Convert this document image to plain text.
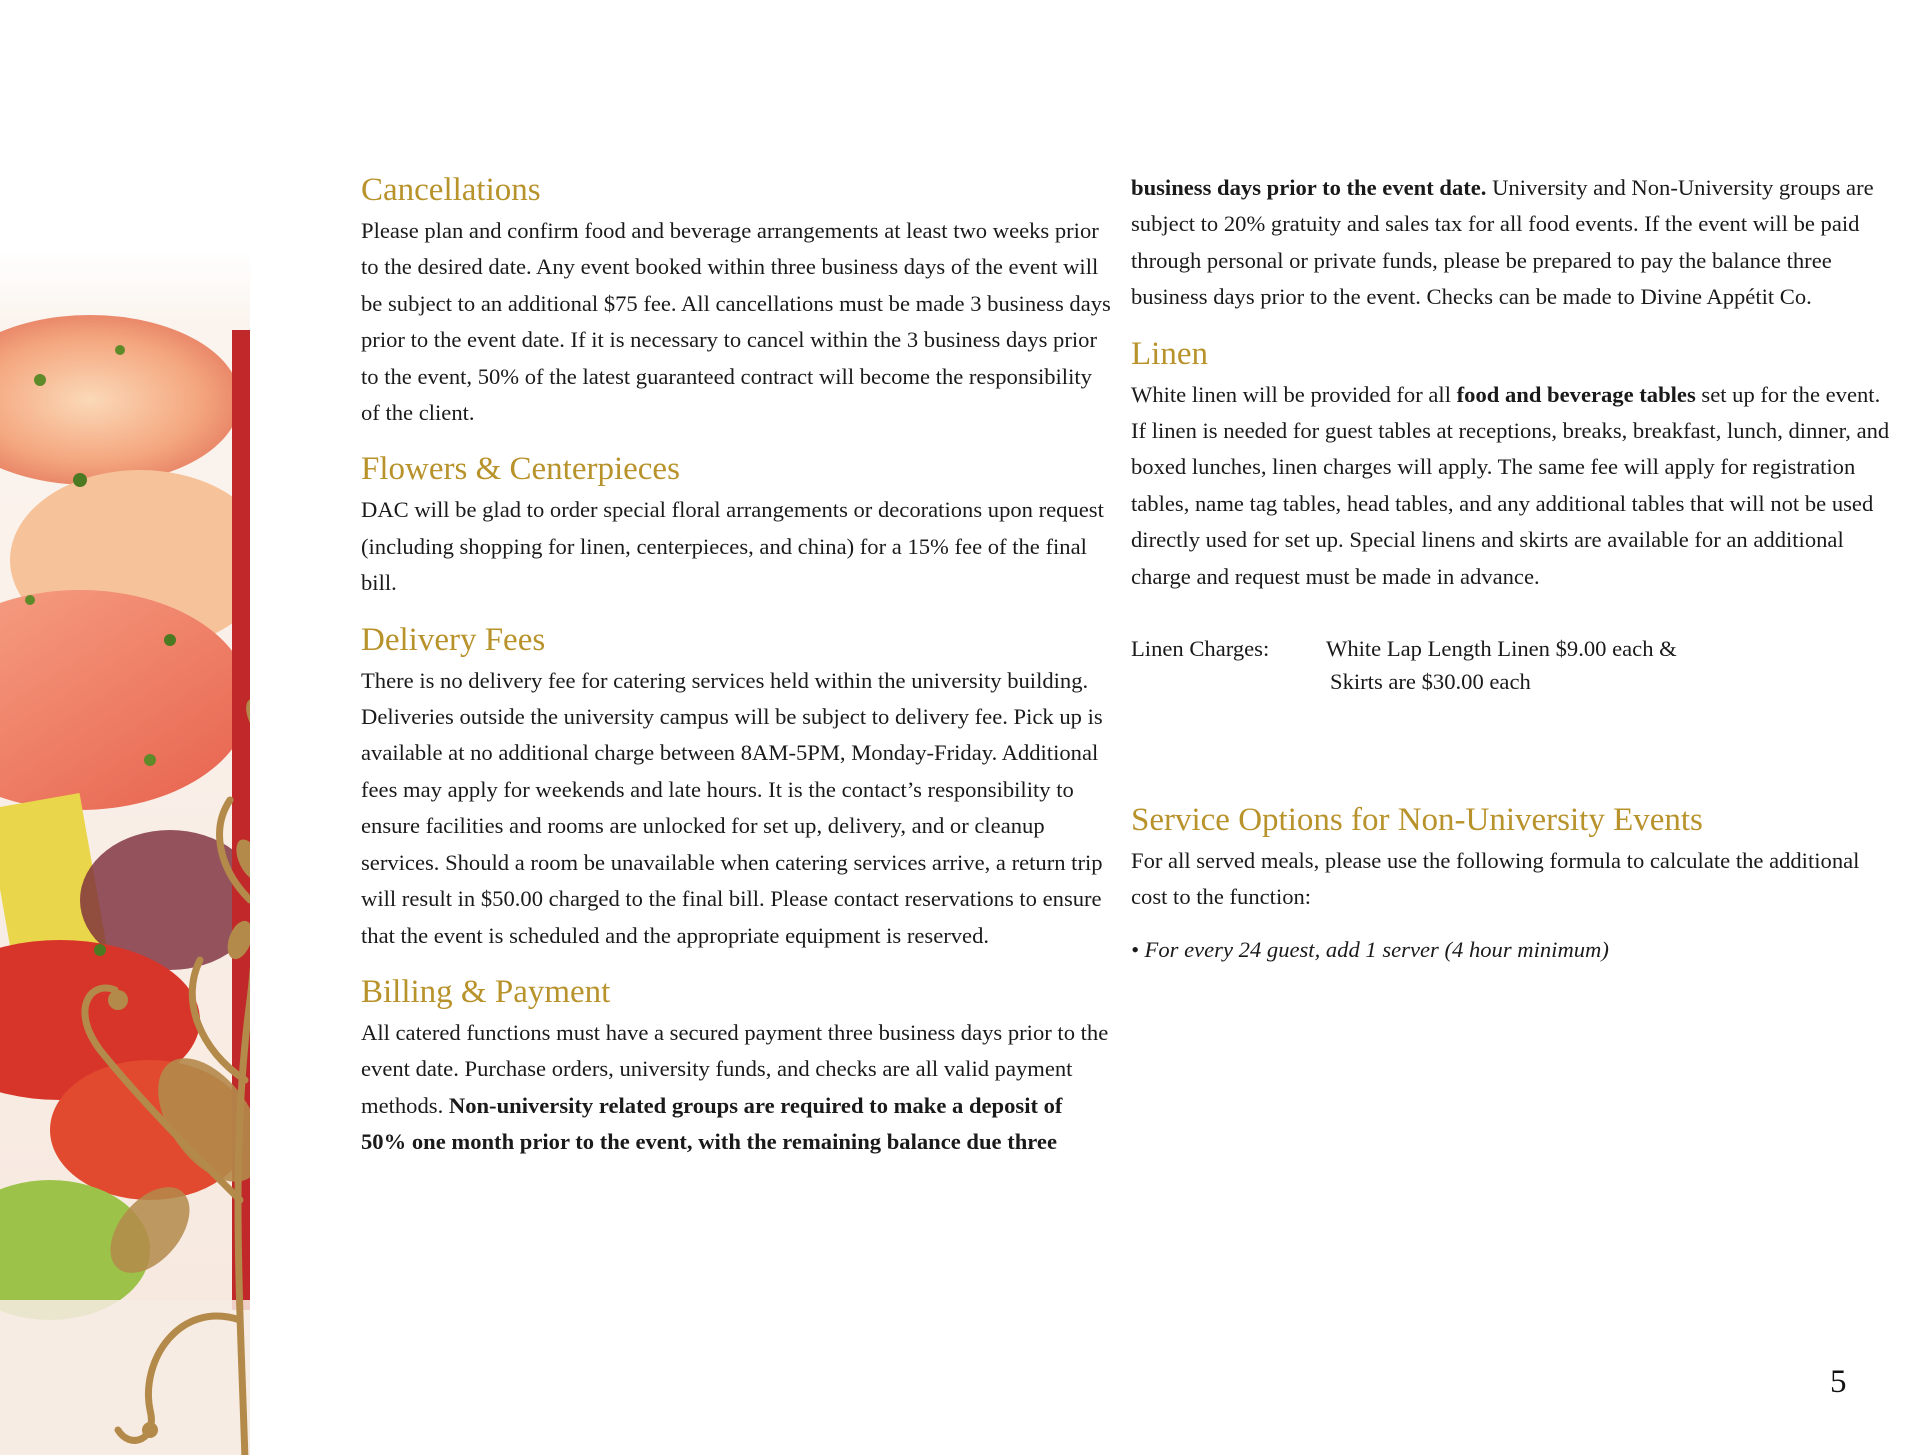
Cancellations

Please plan and confirm food and beverage arrangements at least two weeks prior to the desired date. Any event booked within three business days of the event will be subject to an additional $75 fee. All cancellations must be made 3 business days prior to the event date. If it is necessary to cancel within the 3 business days prior to the event, 50% of the latest guaranteed contract will become the responsibility of the client.

Flowers & Centerpieces

DAC will be glad to order special floral arrangements or decorations upon request (including shopping for linen, centerpieces, and china) for a 15% fee of the final bill.

Delivery Fees

There is no delivery fee for catering services held within the university building. Deliveries outside the university campus will be subject to delivery fee. Pick up is available at no additional charge between 8AM-5PM, Monday-Friday. Additional fees may apply for weekends and late hours. It is the contact’s responsibility to ensure facilities and rooms are unlocked for set up, delivery, and or cleanup services. Should a room be unavailable when catering services arrive, a return trip will result in $50.00 charged to the final bill. Please contact reservations to ensure that the event is scheduled and the appropriate equipment is reserved.

Billing & Payment

All catered functions must have a secured payment three business days prior to the event date. Purchase orders, university funds, and checks are all valid payment methods. Non-university related groups are required to make a deposit of 50% one month prior to the event, with the remaining balance due three

business days prior to the event date. University and Non-University groups are subject to 20% gratuity and sales tax for all food events. If the event will be paid through personal or private funds, please be prepared to pay the balance three business days prior to the event. Checks can be made to Divine Appétit Co.

Linen

White linen will be provided for all food and beverage tables set up for the event. If linen is needed for guest tables at receptions, breaks, breakfast, lunch, dinner, and boxed lunches, linen charges will apply. The same fee will apply for registration tables, name tag tables, head tables, and any additional tables that will not be used directly used for set up. Special linens and skirts are available for an additional charge and request must be made in advance.

Linen Charges:	White Lap Length Linen $9.00 each &
Skirts are $30.00 each
Service Options for Non-University Events

For all served meals, please use the following formula to calculate the additional cost to the function:

• For every 24 guest, add 1 server (4 hour minimum)
5
